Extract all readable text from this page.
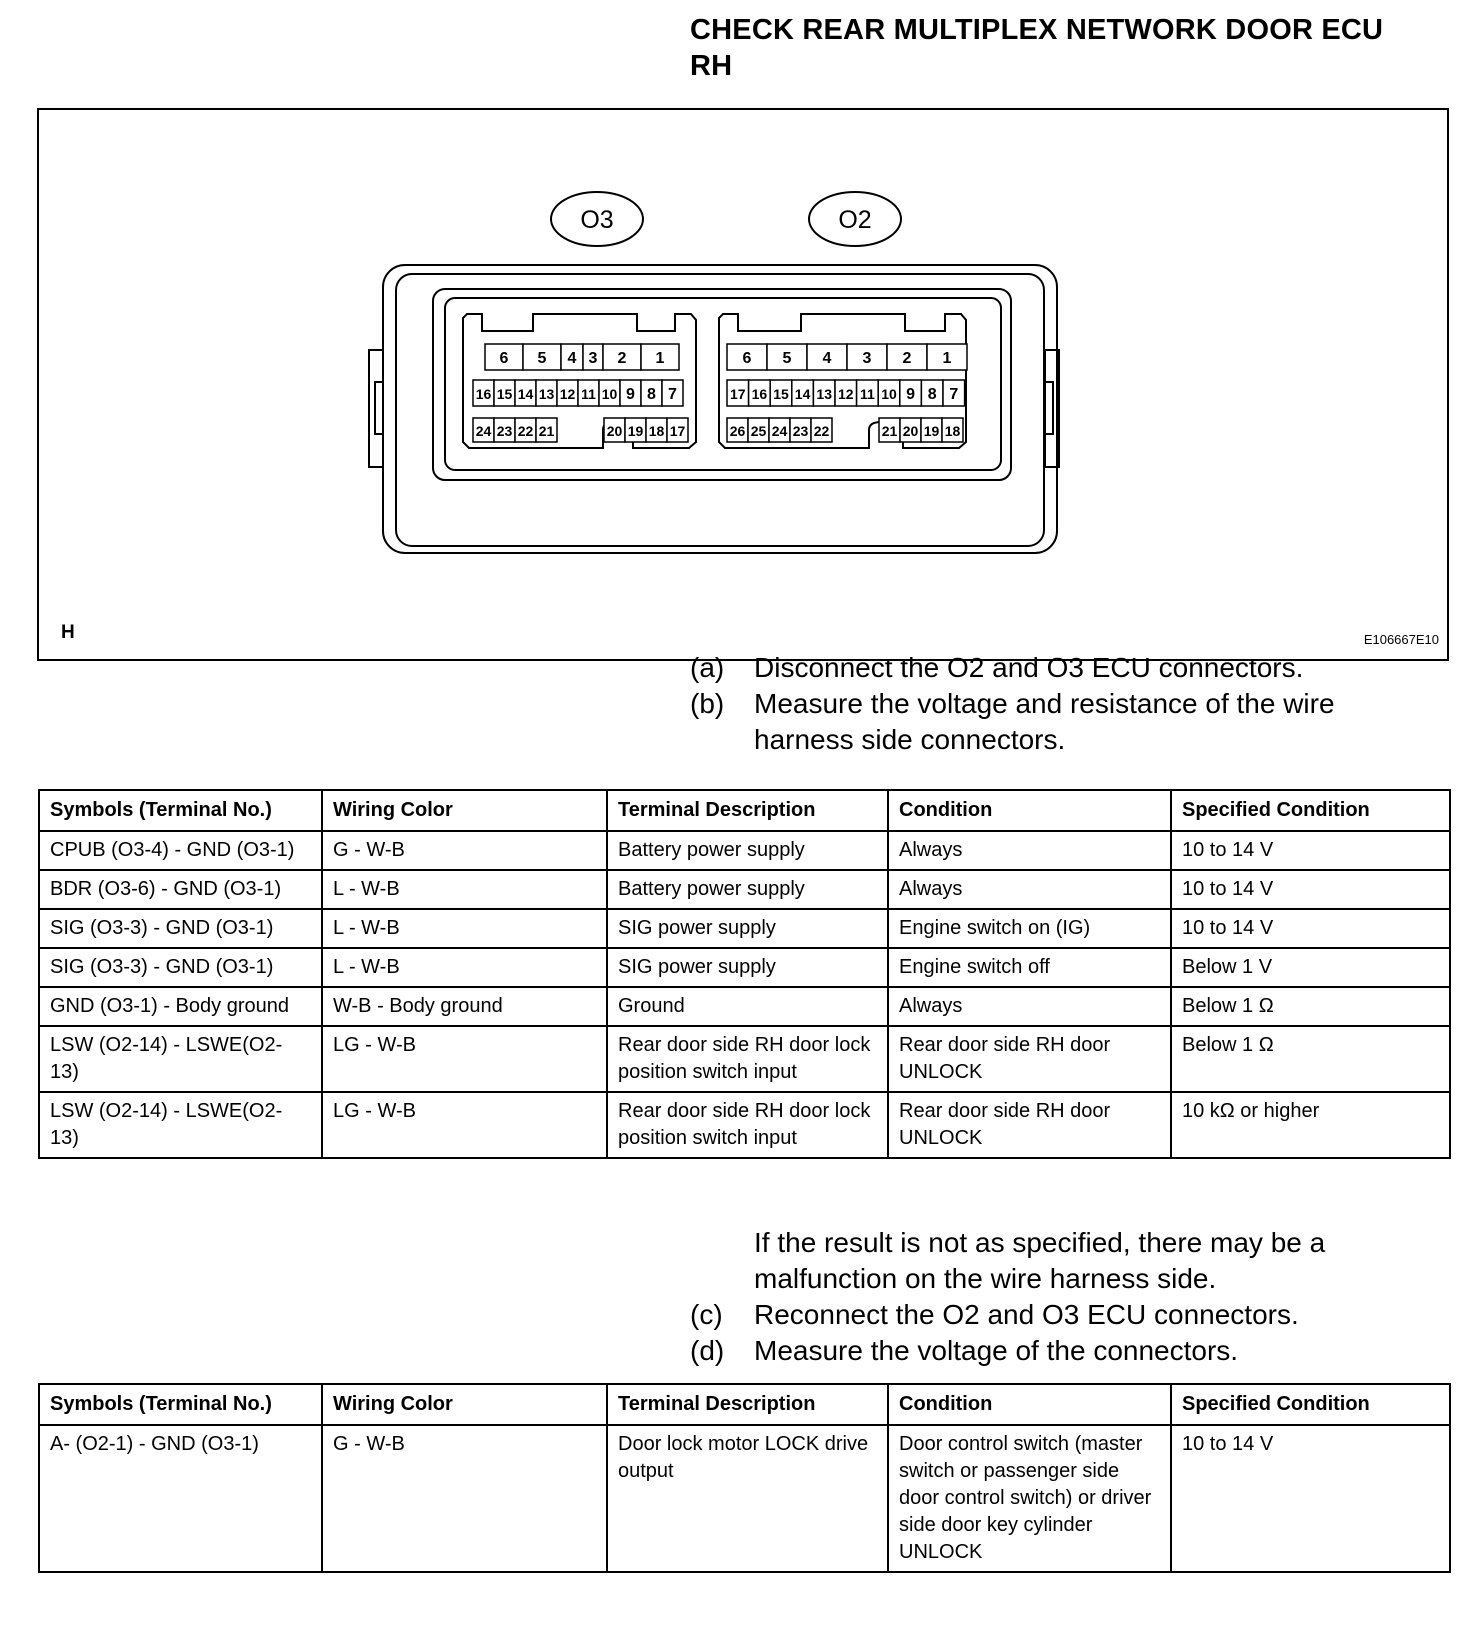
CHECK REAR MULTIPLEX NETWORK DOOR ECU RH
O3	O2
6 5 4 3 2 1
16 15 14 13 12 11 10 9 8 7
24 23 22 21	20 19 18 17
6 5 4 3 2 1
17 16 15 14 13 12 11 10 9 8 7
26 25 24 23 22	21 20 19 18
H	E106667E10
(a)	Disconnect the O2 and O3 ECU connectors.
(b)	Measure the voltage and resistance of the wire harness side connectors.
Symbols (Terminal No.)	Wiring Color	Terminal Description	Condition	Specified Condition
CPUB (O3-4) - GND (O3-1)	G - W-B	Battery power supply	Always	10 to 14 V
BDR (O3-6) - GND (O3-1)	L - W-B	Battery power supply	Always	10 to 14 V
SIG (O3-3) - GND (O3-1)	L - W-B	SIG power supply	Engine switch on (IG)	10 to 14 V
SIG (O3-3) - GND (O3-1)	L - W-B	SIG power supply	Engine switch off	Below 1 V
GND (O3-1) - Body ground	W-B - Body ground	Ground	Always	Below 1 Ω
LSW (O2-14) - LSWE(O2-13)	LG - W-B	Rear door side RH door lock position switch input	Rear door side RH door UNLOCK	Below 1 Ω
LSW (O2-14) - LSWE(O2-13)	LG - W-B	Rear door side RH door lock position switch input	Rear door side RH door UNLOCK	10 kΩ or higher
If the result is not as specified, there may be a malfunction on the wire harness side.
(c)	Reconnect the O2 and O3 ECU connectors.
(d)	Measure the voltage of the connectors.
Symbols (Terminal No.)	Wiring Color	Terminal Description	Condition	Specified Condition
A- (O2-1) - GND (O3-1)	G - W-B	Door lock motor LOCK drive output	Door control switch (master switch or passenger side door control switch) or driver side door key cylinder UNLOCK	10 to 14 V
